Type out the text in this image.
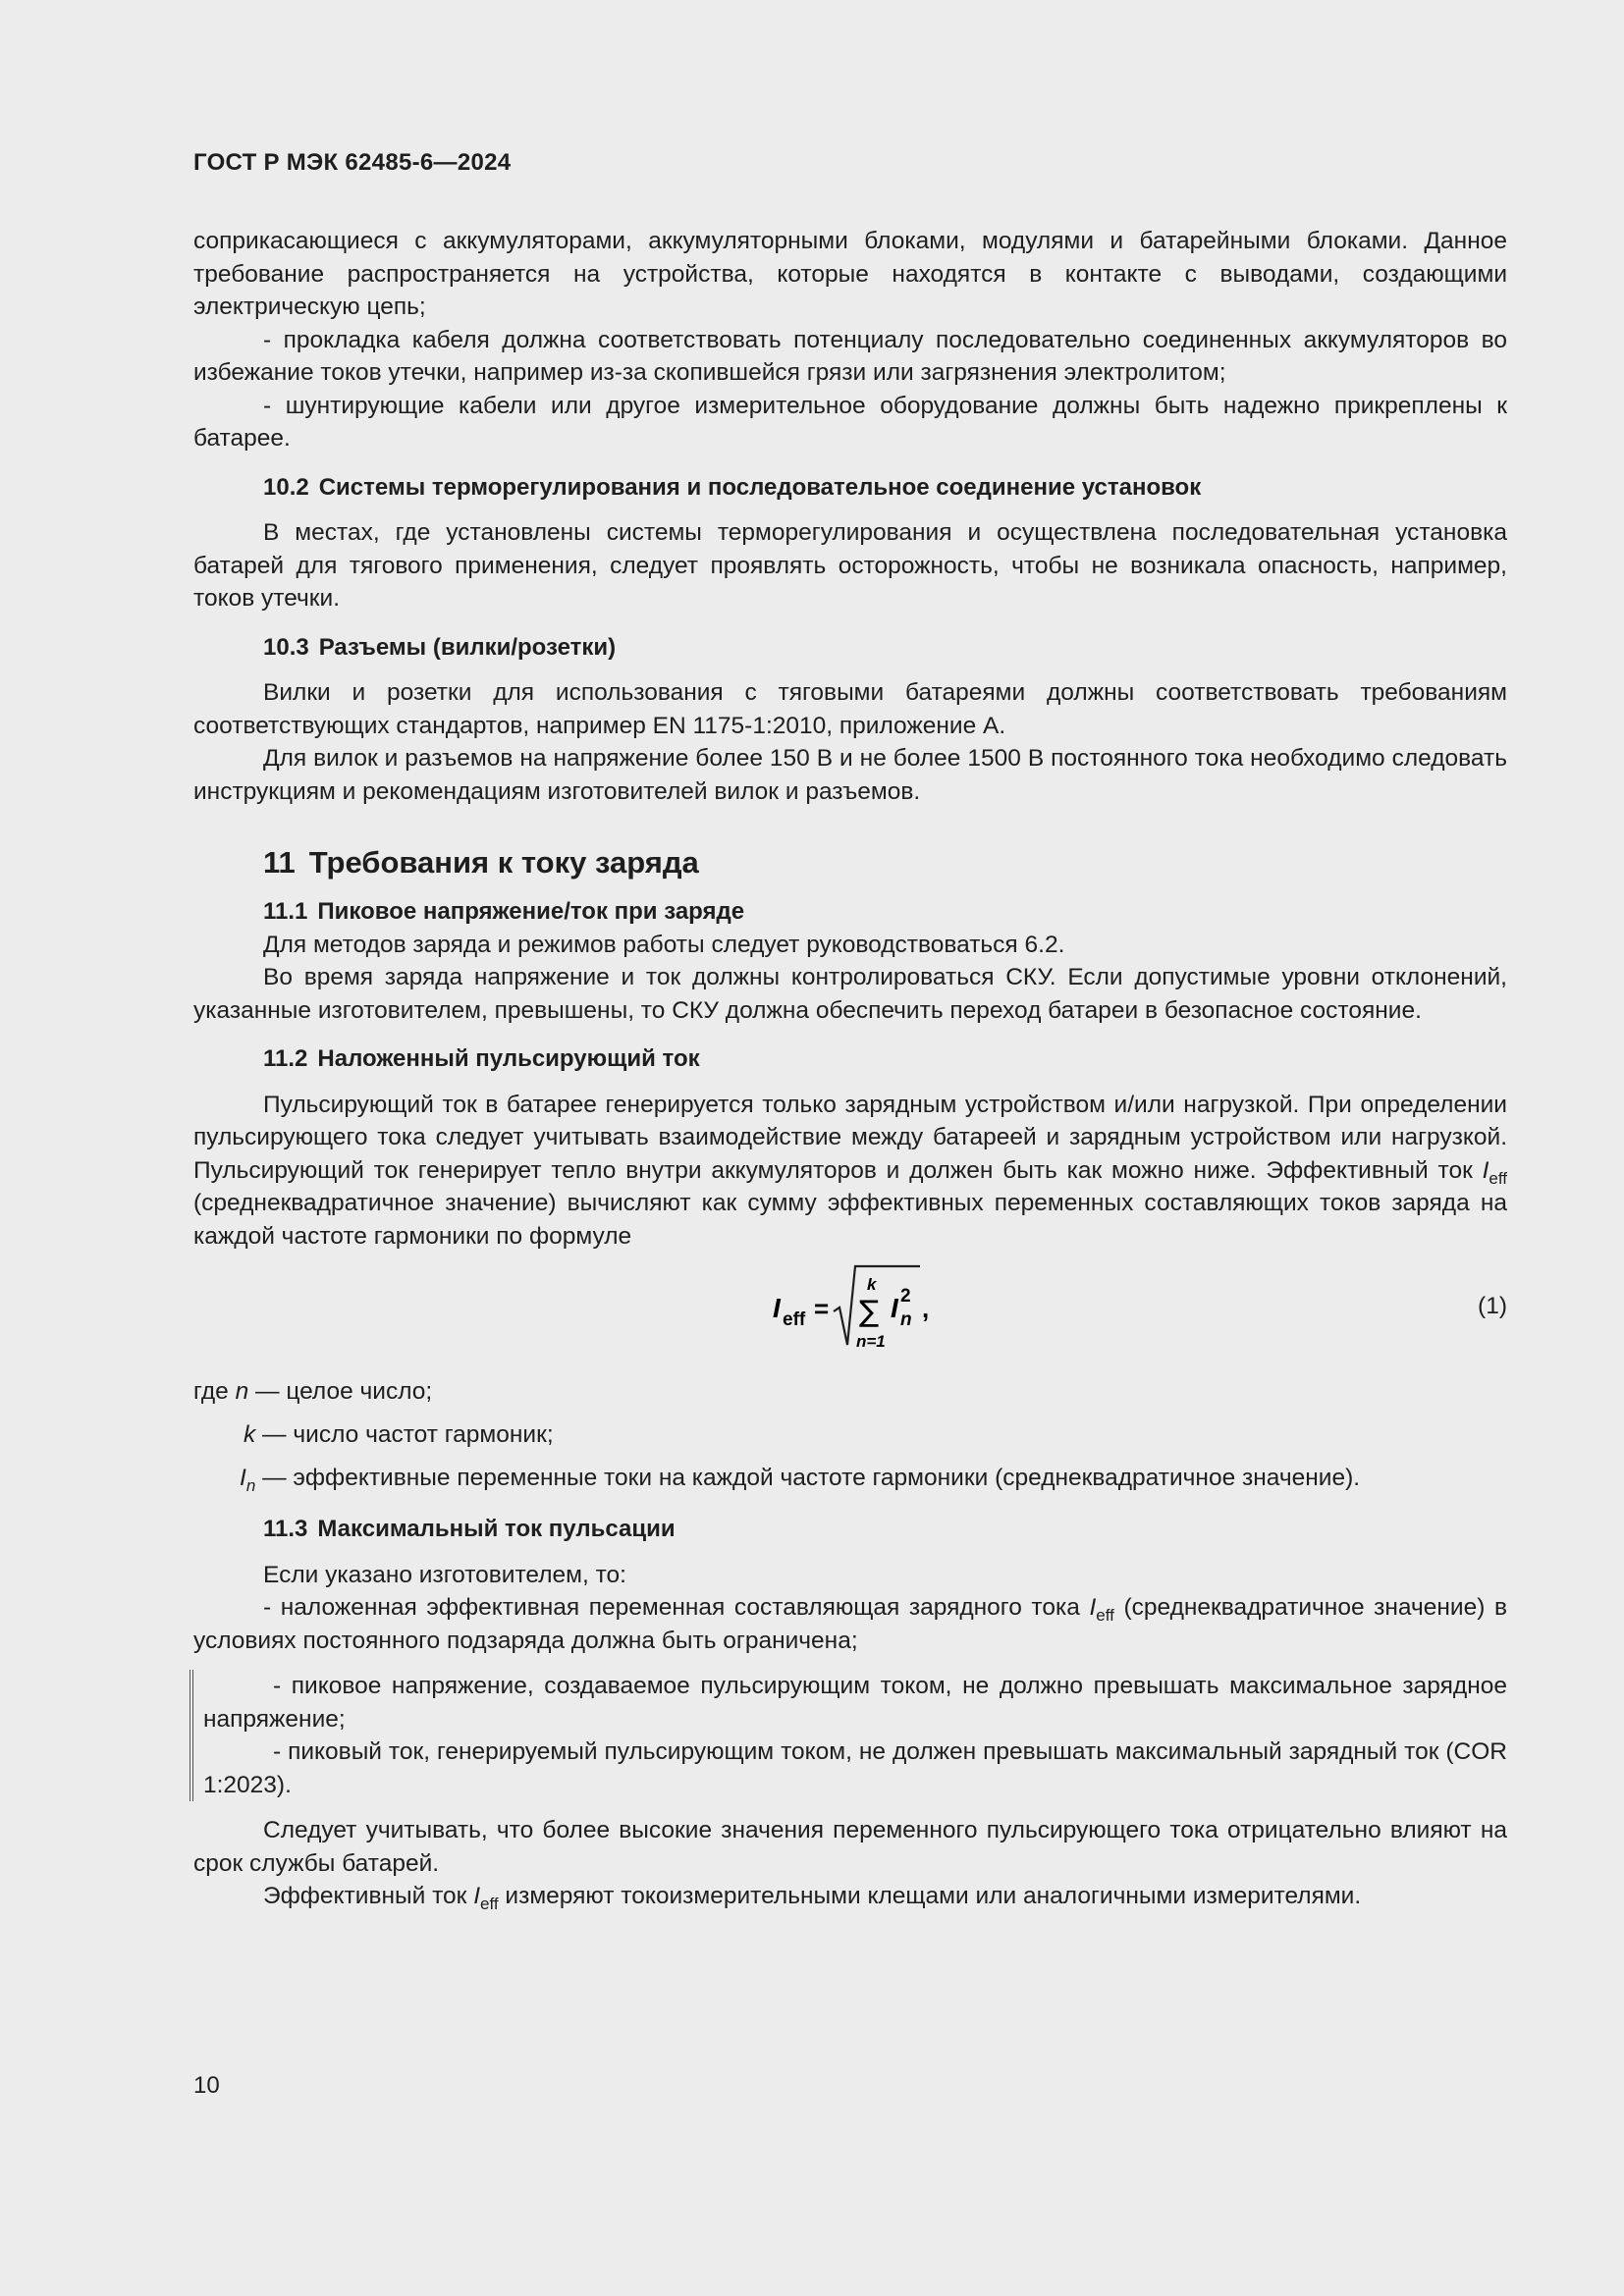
ГОСТ Р МЭК 62485-6—2024

соприкасающиеся с аккумуляторами, аккумуляторными блоками, модулями и батарейными блоками. Данное требование распространяется на устройства, которые находятся в контакте с выводами, создающими электрическую цепь;

- прокладка кабеля должна соответствовать потенциалу последовательно соединенных аккумуляторов во избежание токов утечки, например из-за скопившейся грязи или загрязнения электролитом;

- шунтирующие кабели или другое измерительное оборудование должны быть надежно прикреплены к батарее.

10.2 Системы терморегулирования и последовательное соединение установок

В местах, где установлены системы терморегулирования и осуществлена последовательная установка батарей для тягового применения, следует проявлять осторожность, чтобы не возникала опасность, например, токов утечки.

10.3 Разъемы (вилки/розетки)

Вилки и розетки для использования с тяговыми батареями должны соответствовать требованиям соответствующих стандартов, например EN 1175-1:2010, приложение А.

Для вилок и разъемов на напряжение более 150 В и не более 1500 В постоянного тока необходимо следовать инструкциям и рекомендациям изготовителей вилок и разъемов.

11 Требования к току заряда
11.1 Пиковое напряжение/ток при заряде

Для методов заряда и режимов работы следует руководствоваться 6.2.

Во время заряда напряжение и ток должны контролироваться СКУ. Если допустимые уровни отклонений, указанные изготовителем, превышены, то СКУ должна обеспечить переход батареи в безопасное состояние.

11.2 Наложенный пульсирующий ток

Пульсирующий ток в батарее генерируется только зарядным устройством и/или нагрузкой. При определении пульсирующего тока следует учитывать взаимодействие между батареей и зарядным устройством или нагрузкой. Пульсирующий ток генерирует тепло внутри аккумуляторов и должен быть как можно ниже. Эффективный ток $I_{eff}$ (среднеквадратичное значение) вычисляют как сумму эффективных переменных составляющих токов заряда на каждой частоте гармоники по формуле

I eff =
k
∑
n=1
I n
2 ,	(1)
где n — целое число;
k — число частот гармоник;
$I_n$ — эффективные переменные токи на каждой частоте гармоники (среднеквадратичное значение).
11.3 Максимальный ток пульсации

Если указано изготовителем, то:

- наложенная эффективная переменная составляющая зарядного тока $I_{eff}$ (среднеквадратичное значение) в условиях постоянного подзаряда должна быть ограничена;

- пиковое напряжение, создаваемое пульсирующим током, не должно превышать максимальное зарядное напряжение;

- пиковый ток, генерируемый пульсирующим током, не должен превышать максимальный зарядный ток (COR 1:2023).

Следует учитывать, что более высокие значения переменного пульсирующего тока отрицательно влияют на срок службы батарей.

Эффективный ток $I_{eff}$ измеряют токоизмерительными клещами или аналогичными измерителями.

10
